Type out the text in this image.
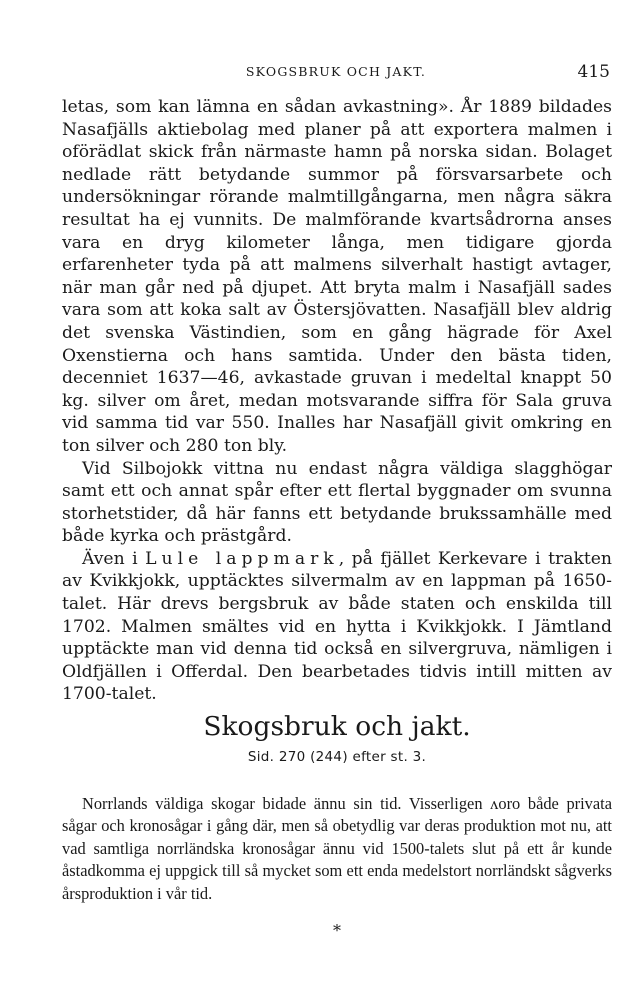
SKOGSBRUK OCH JAKT.	415

letas, som kan lämna en sådan avkastning». År 1889 bildades Nasafjälls aktiebolag med planer på att exportera malmen i oförädlat skick från närmaste hamn på norska sidan. Bolaget nedlade rätt betydande summor på försvarsarbete och undersökningar rörande malmtillgångarna, men några säkra resultat ha ej vunnits. De malmförande kvartsådrorna anses vara en dryg kilometer långa, men tidigare gjorda erfarenheter tyda på att malmens silverhalt hastigt avtager, när man går ned på djupet. Att bryta malm i Nasafjäll sades vara som att koka salt av Östersjövatten. Nasafjäll blev aldrig det svenska Västindien, som en gång hägrade för Axel Oxenstierna och hans samtida. Under den bästa tiden, decenniet 1637—46, avkastade gruvan i medeltal knappt 50 kg. silver om året, medan motsvarande siffra för Sala gruva vid samma tid var 550. Inalles har Nasafjäll givit omkring en ton silver och 280 ton bly.

Vid Silbojokk vittna nu endast några väldiga slagghögar samt ett och annat spår efter ett flertal byggnader om svunna storhetstider, då här fanns ett betydande brukssamhälle med både kyrka och prästgård.

Även i Lule lappmark, på fjället Kerkevare i trakten av Kvikkjokk, upptäcktes silvermalm av en lappman på 1650-talet. Här drevs bergsbruk av både staten och enskilda till 1702. Malmen smältes vid en hytta i Kvikkjokk. I Jämtland upptäckte man vid denna tid också en silvergruva, nämligen i Oldfjällen i Offerdal. Den bearbetades tidvis intill mitten av 1700-talet.

Skogsbruk och jakt.
Sid. 270 (244) efter st. 3.

Norrlands väldiga skogar bidade ännu sin tid. Visserligen ʌoro både privata sågar och kronosågar i gång där, men så obetydlig var deras produktion mot nu, att vad samtliga norrländska kronosågar ännu vid 1500-talets slut på ett år kunde åstadkomma ej uppgick till så mycket som ett enda medelstort norrländskt sågverks årsproduktion i vår tid.

*
